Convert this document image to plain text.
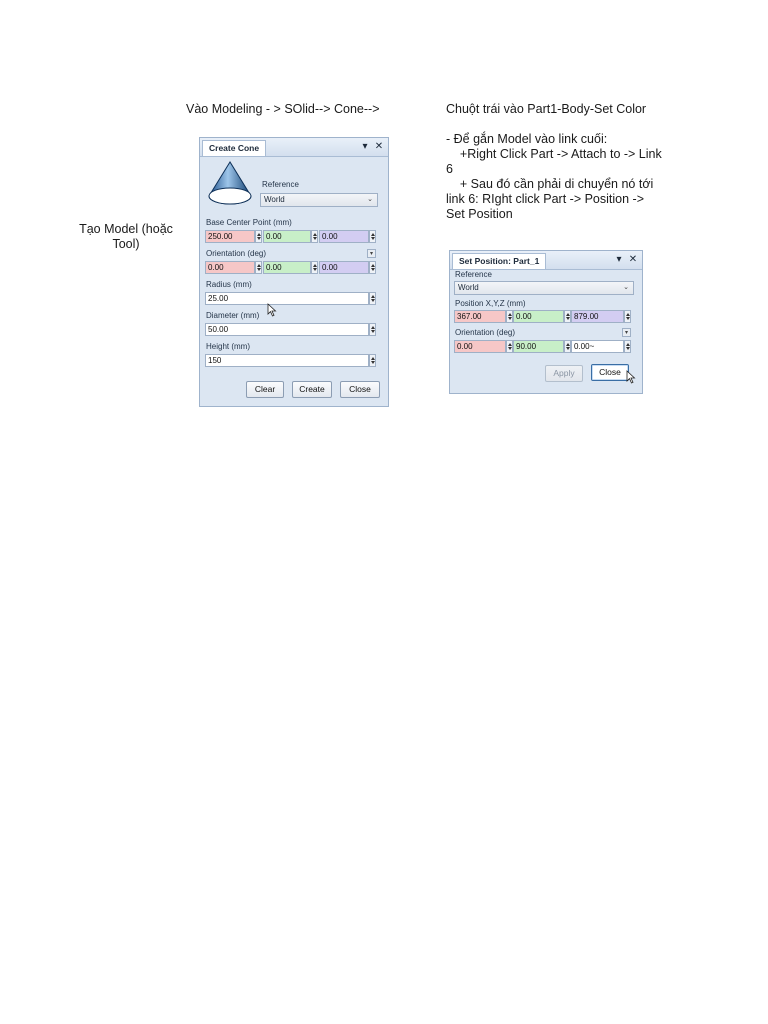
Tạo Model (hoặc Tool)
Vào Modeling - > SOlid--> Cone-->	Chuột trái vào Part1-Body-Set Color
- Để gắn Model vào link cuối:
+Right Click Part -> Attach to -> Link 6
+ Sau đó cần phải di chuyển nó tới link 6: RIght click Part -> Position -> Set Position
Create Cone	▾ ✕
Reference
World	⌄
Base Center Point (mm)
250.00	0.00	0.00
Orientation (deg)	▾
0.00	0.00	0.00
Radius (mm)
25.00
Diameter (mm)
50.00
Height (mm)
150
Clear	Create	Close
Set Position: Part_1	▾ ✕
Reference
World	⌄
Position X,Y,Z (mm)
367.00	0.00	879.00
Orientation (deg)	▾
0.00	90.00	0.00~
Apply	Close
